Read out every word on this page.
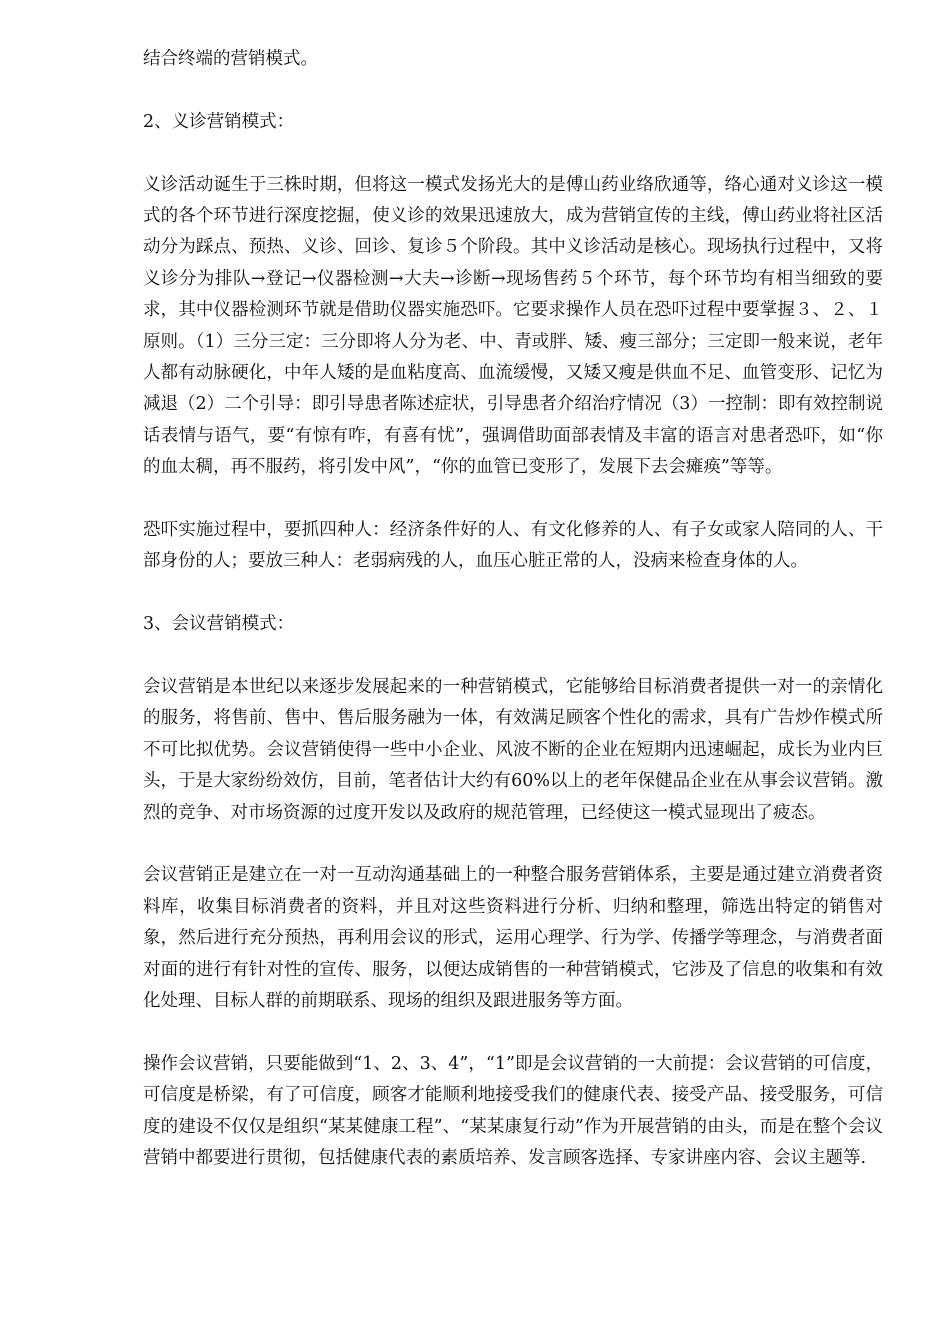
结合终端的营销模式。

2、义诊营销模式：

义诊活动诞生于三株时期，但将这一模式发扬光大的是傅山药业络欣通等，络心通对义诊这一模式的各个环节进行深度挖掘，使义诊的效果迅速放大，成为营销宣传的主线，傅山药业将社区活动分为踩点、预热、义诊、回诊、复诊５个阶段。其中义诊活动是核心。现场执行过程中，又将义诊分为排队→登记→仪器检测→大夫→诊断→现场售药５个环节，每个环节均有相当细致的要求，其中仪器检测环节就是借助仪器实施恐吓。它要求操作人员在恐吓过程中要掌握３、２、１原则。（1）三分三定：三分即将人分为老、中、青或胖、矮、瘦三部分；三定即一般来说，老年人都有动脉硬化，中年人矮的是血粘度高、血流缓慢，又矮又瘦是供血不足、血管变形、记忆为减退（2）二个引导：即引导患者陈述症状，引导患者介绍治疗情况（3）一控制：即有效控制说话表情与语气，要“有惊有咋，有喜有忧”，强调借助面部表情及丰富的语言对患者恐吓，如“你的血太稠，再不服药，将引发中风”，“你的血管已变形了，发展下去会瘫痪”等等。

恐吓实施过程中，要抓四种人：经济条件好的人、有文化修养的人、有子女或家人陪同的人、干部身份的人；要放三种人：老弱病残的人，血压心脏正常的人，没病来检查身体的人。

3、会议营销模式：

会议营销是本世纪以来逐步发展起来的一种营销模式，它能够给目标消费者提供一对一的亲情化的服务，将售前、售中、售后服务融为一体，有效满足顾客个性化的需求，具有广告炒作模式所不可比拟优势。会议营销使得一些中小企业、风波不断的企业在短期内迅速崛起，成长为业内巨头，于是大家纷纷效仿，目前，笔者估计大约有60%以上的老年保健品企业在从事会议营销。激烈的竞争、对市场资源的过度开发以及政府的规范管理，已经使这一模式显现出了疲态。

会议营销正是建立在一对一互动沟通基础上的一种整合服务营销体系，主要是通过建立消费者资料库，收集目标消费者的资料，并且对这些资料进行分析、归纳和整理，筛选出特定的销售对象，然后进行充分预热，再利用会议的形式，运用心理学、行为学、传播学等理念，与消费者面对面的进行有针对性的宣传、服务，以便达成销售的一种营销模式，它涉及了信息的收集和有效化处理、目标人群的前期联系、现场的组织及跟进服务等方面。

操作会议营销，只要能做到“1、2、3、4”，“1”即是会议营销的一大前提：会议营销的可信度，可信度是桥梁，有了可信度，顾客才能顺利地接受我们的健康代表、接受产品、接受服务，可信度的建设不仅仅是组织“某某健康工程”、“某某康复行动”作为开展营销的由头，而是在整个会议营销中都要进行贯彻，包括健康代表的素质培养、发言顾客选择、专家讲座内容、会议主题等.
